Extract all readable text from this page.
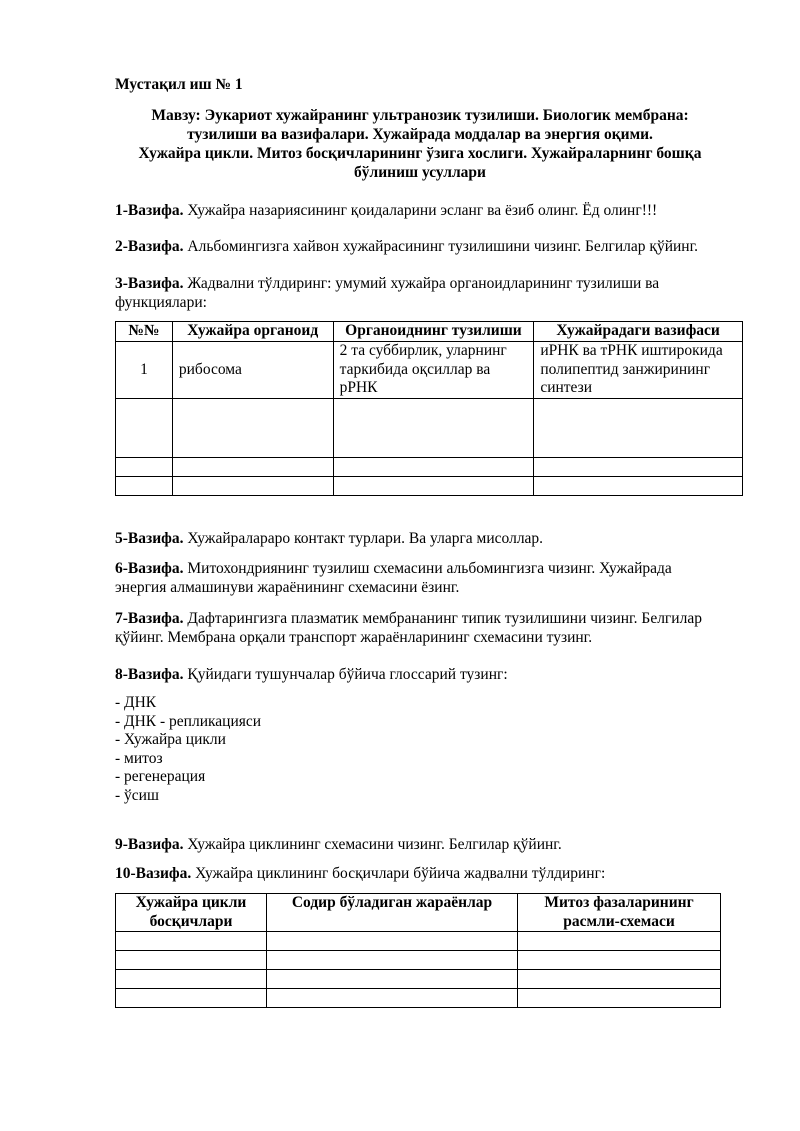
Мустақил иш № 1
Мавзу: Эукариот хужайранинг ультранозик тузилиши. Биологик мембрана:
тузилиши ва вазифалари. Хужайрада моддалар ва энергия оқими.
Хужайра цикли. Митоз босқичларининг ўзига хослиги. Хужайраларнинг бошқа
бўлиниш усуллари
1-Вазифа. Хужайра назариясининг қоидаларини эсланг ва ёзиб олинг. Ёд олинг!!!
2-Вазифа. Альбомингизга хайвон хужайрасининг тузилишини чизинг. Белгилар қўйинг.
3-Вазифа. Жадвални тўлдиринг: умумий хужайра органоидларининг тузилиши ва функциялари:
№№	Хужайра органоид	Органоиднинг тузилиши	Хужайрадаги вазифаси
1	рибосома	2 та суббирлик, уларнинг таркибида оқсиллар ва рРНК	иРНК ва тРНК иштирокида полипептид занжирининг синтези

5-Вазифа. Хужайралараро контакт турлари. Ва уларга мисоллар.
6-Вазифа. Митохондриянинг тузилиш схемасини альбомингизга чизинг. Хужайрада энергия алмашинуви жараёнининг схемасини ёзинг.
7-Вазифа. Дафтарингизга плазматик мембрананинг типик тузилишини чизинг. Белгилар қўйинг. Мембрана орқали транспорт жараёнларининг схемасини тузинг.
8-Вазифа. Қуйидаги тушунчалар бўйича глоссарий тузинг:
- ДНК
- ДНК - репликацияси
- Хужайра цикли
- митоз
- регенерация
- ўсиш
9-Вазифа. Хужайра циклининг схемасини чизинг. Белгилар қўйинг.
10-Вазифа. Хужайра циклининг босқичлари бўйича жадвални тўлдиринг:
Хужайра цикли босқичлари	Содир бўладиган жараёнлар	Митоз фазаларининг расмли-схемаси
